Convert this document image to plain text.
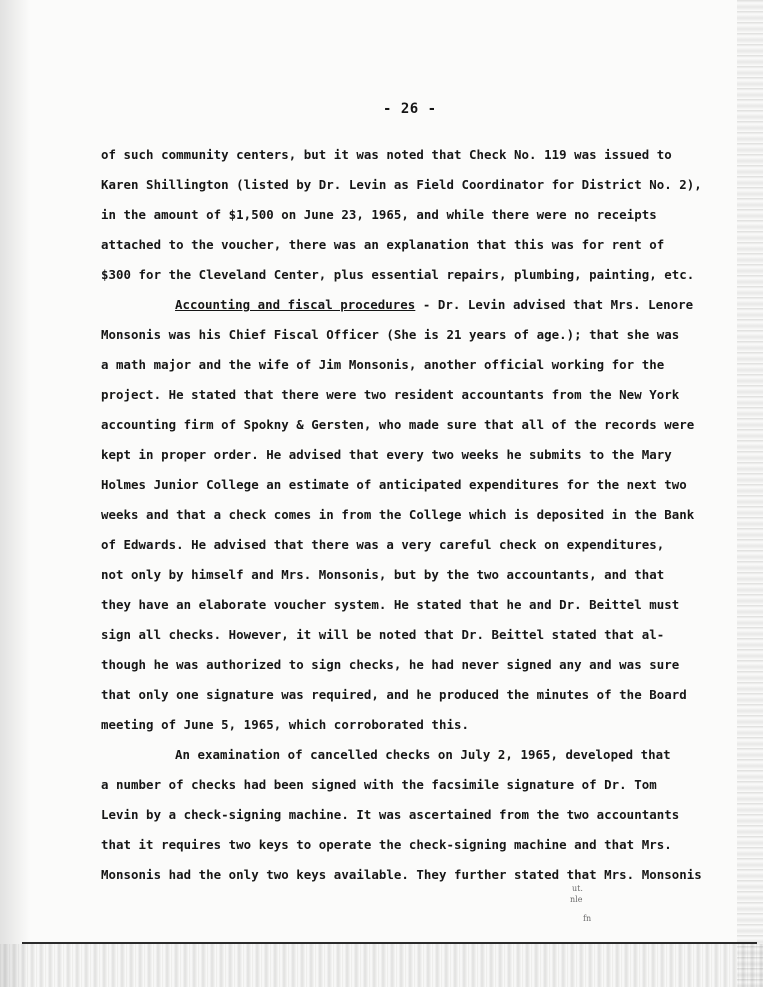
- 26 -
of such community centers, but it was noted that Check No. 119 was issued to
Karen Shillington (listed by Dr. Levin as Field Coordinator for District No. 2),
in the amount of $1,500 on June 23, 1965, and while there were no receipts
attached to the voucher, there was an explanation that this was for rent of
$300 for the Cleveland Center, plus essential repairs, plumbing, painting, etc.
Accounting and fiscal procedures - Dr. Levin advised that Mrs. Lenore
Monsonis was his Chief Fiscal Officer (She is 21 years of age.); that she was
a math major and the wife of Jim Monsonis, another official working for the
project. He stated that there were two resident accountants from the New York
accounting firm of Spokny & Gersten, who made sure that all of the records were
kept in proper order. He advised that every two weeks he submits to the Mary
Holmes Junior College an estimate of anticipated expenditures for the next two
weeks and that a check comes in from the College which is deposited in the Bank
of Edwards. He advised that there was a very careful check on expenditures,
not only by himself and Mrs. Monsonis, but by the two accountants, and that
they have an elaborate voucher system. He stated that he and Dr. Beittel must
sign all checks. However, it will be noted that Dr. Beittel stated that al-
though he was authorized to sign checks, he had never signed any and was sure
that only one signature was required, and he produced the minutes of the Board
meeting of June 5, 1965, which corroborated this.
An examination of cancelled checks on July 2, 1965, developed that
a number of checks had been signed with the facsimile signature of Dr. Tom
Levin by a check-signing machine. It was ascertained from the two accountants
that it requires two keys to operate the check-signing machine and that Mrs.
Monsonis had the only two keys available. They further stated that Mrs. Monsonis
ut.
nle
fn
